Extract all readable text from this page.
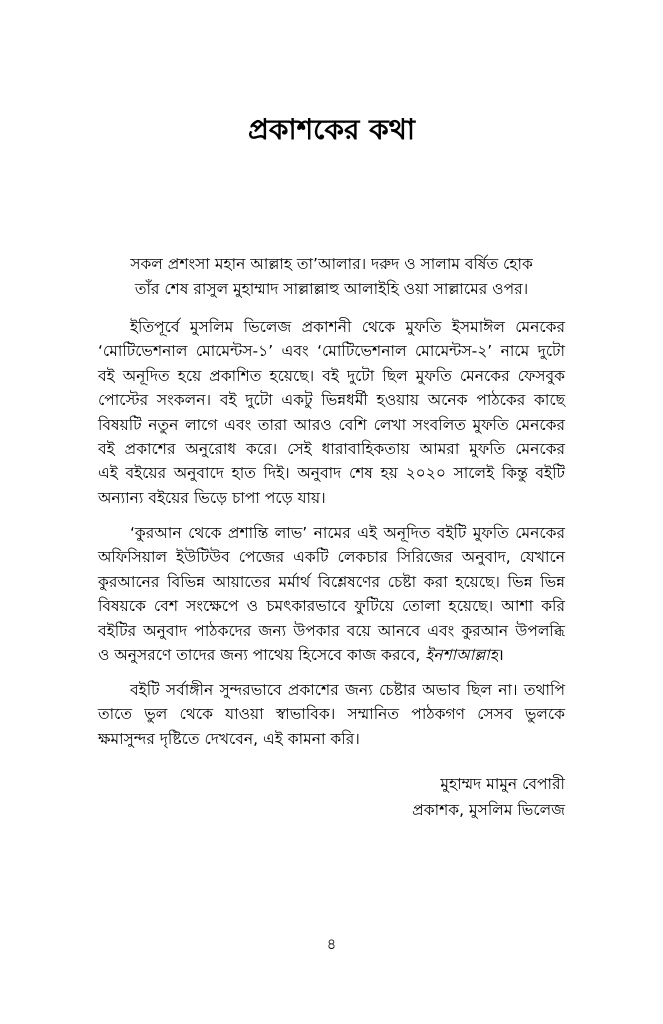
প্রকাশকের কথা
সকল প্রশংসা মহান আল্লাহ তা’আলার। দরুদ ও সালাম বর্ষিত হোক
তাঁর শেষ রাসুল মুহাম্মাদ সাল্লাল্লাহু আলাইহি ওয়া সাল্লামের ওপর।
ইতিপূর্বে মুসলিম ভিলেজ প্রকাশনী থেকে মুফতি ইসমাঈল মেনকের
‘মোটিভেশনাল মোমেন্টস-১’ এবং ‘মোটিভেশনাল মোমেন্টস-২’ নামে দুটো
বই অনূদিত হয়ে প্রকাশিত হয়েছে। বই দুটো ছিল মুফতি মেনকের ফেসবুক
পোস্টের সংকলন। বই দুটো একটু ভিন্নধর্মী হওয়ায় অনেক পাঠকের কাছে
বিষয়টি নতুন লাগে এবং তারা আরও বেশি লেখা সংবলিত মুফতি মেনকের
বই প্রকাশের অনুরোধ করে। সেই ধারাবাহিকতায় আমরা মুফতি মেনকের
এই বইয়ের অনুবাদে হাত দিই। অনুবাদ শেষ হয় ২০২০ সালেই কিন্তু বইটি
অন্যান্য বইয়ের ভিড়ে চাপা পড়ে যায়।
‘কুরআন থেকে প্রশান্তি লাভ’ নামের এই অনূদিত বইটি মুফতি মেনকের
অফিসিয়াল ইউটিউব পেজের একটি লেকচার সিরিজের অনুবাদ, যেখানে
কুরআনের বিভিন্ন আয়াতের মর্মার্থ বিশ্লেষণের চেষ্টা করা হয়েছে। ভিন্ন ভিন্ন
বিষয়কে বেশ সংক্ষেপে ও চমৎকারভাবে ফুটিয়ে তোলা হয়েছে। আশা করি
বইটির অনুবাদ পাঠকদের জন্য উপকার বয়ে আনবে এবং কুরআন উপলব্ধি
ও অনুসরণে তাদের জন্য পাথেয় হিসেবে কাজ করবে, ইনশাআল্লাহ।
বইটি সর্বাঙ্গীন সুন্দরভাবে প্রকাশের জন্য চেষ্টার অভাব ছিল না। তথাপি
তাতে ভুল থেকে যাওয়া স্বাভাবিক। সম্মানিত পাঠকগণ সেসব ভুলকে
ক্ষমাসুন্দর দৃষ্টিতে দেখবেন, এই কামনা করি।
মুহাম্মদ মামুন বেপারী
প্রকাশক, মুসলিম ভিলেজ
৪
